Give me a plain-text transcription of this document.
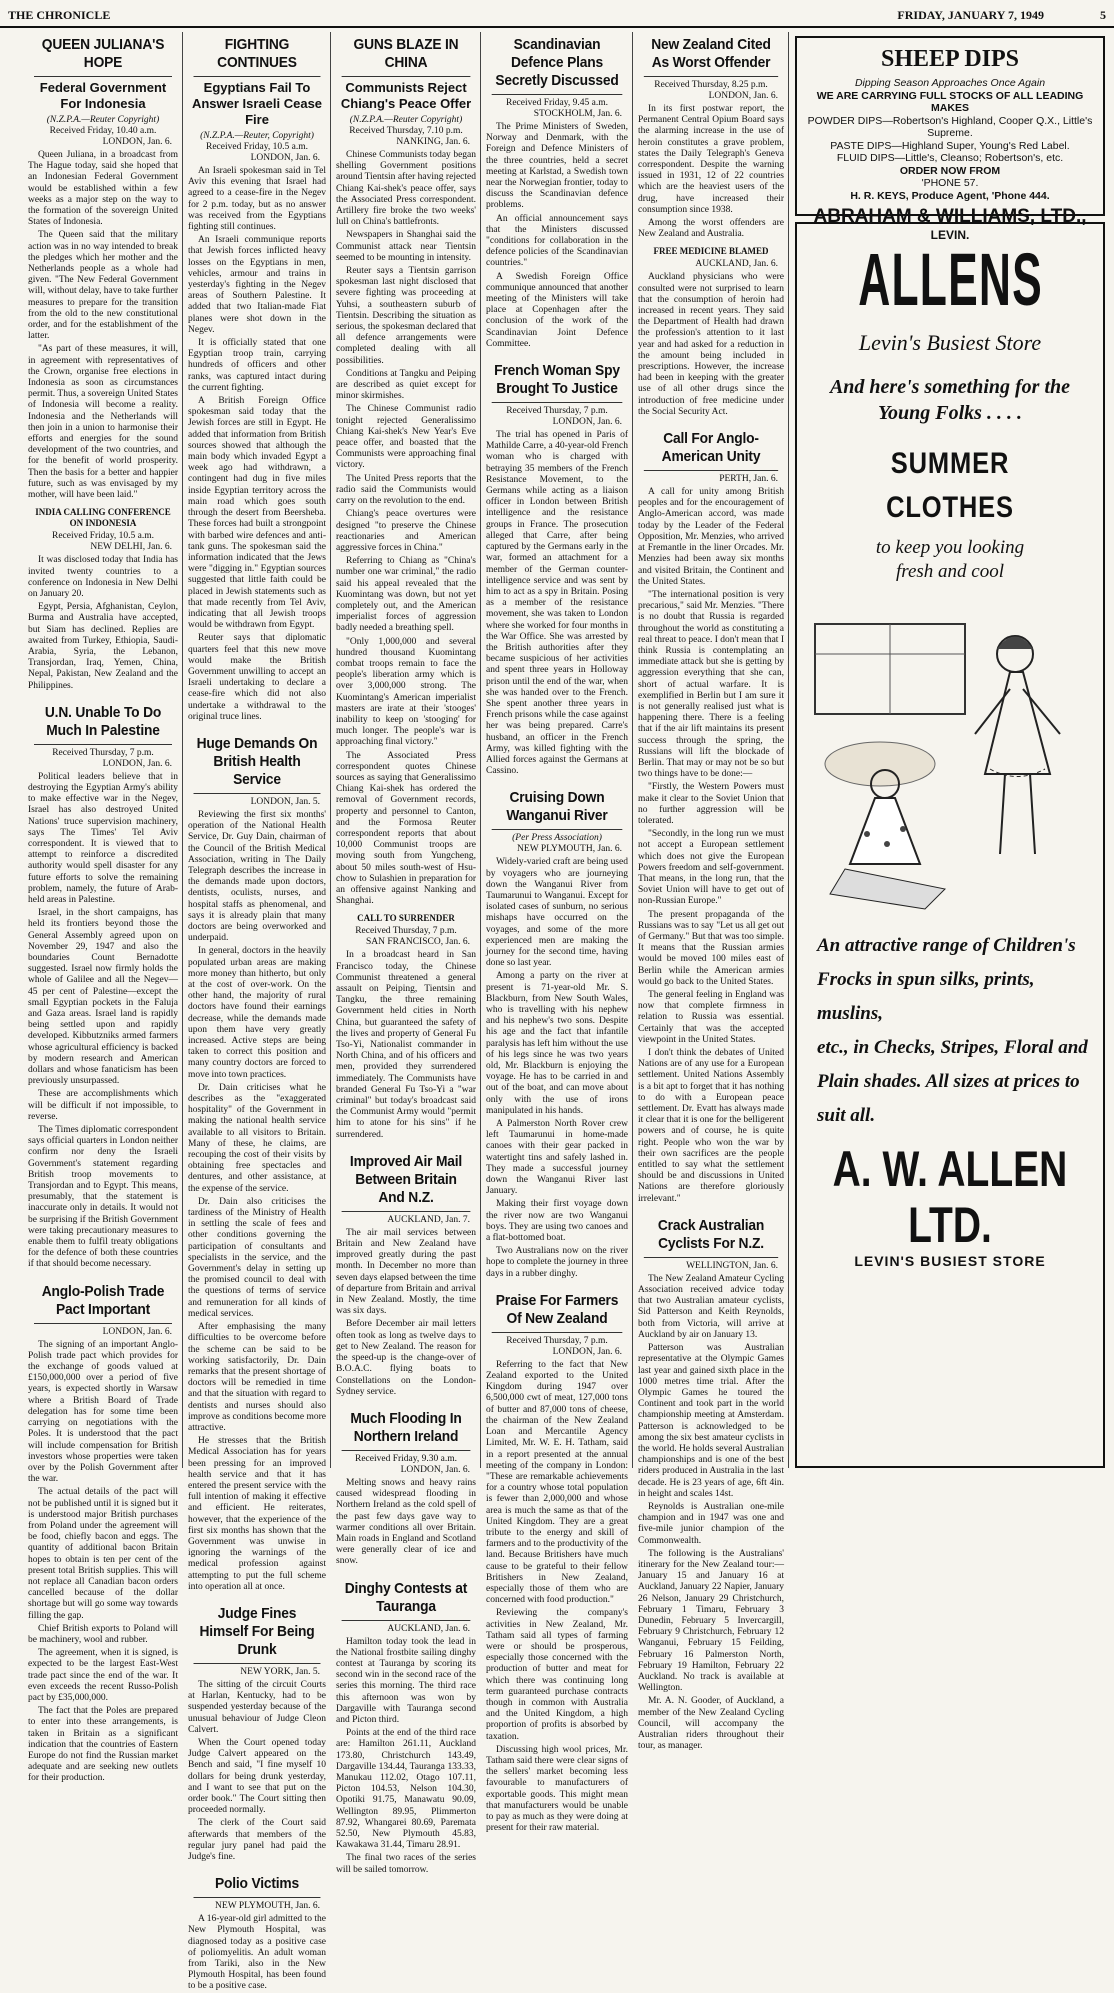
THE CHRONICLE	FRIDAY, JANUARY 7, 1949	5
QUEEN JULIANA'S HOPE
Federal Government For Indonesia
(N.Z.P.A.—Reuter Copyright)
Received Friday, 10.40 a.m.
LONDON, Jan. 6.

Queen Juliana, in a broadcast from The Hague today, said she hoped that an Indonesian Federal Government would be established within a few weeks as a major step on the way to the formation of the sovereign United States of Indonesia.

The Queen said that the military action was in no way intended to break the pledges which her mother and the Netherlands people as a whole had given. "The New Federal Government will, without delay, have to take further measures to prepare for the transition from the old to the new constitutional order, and for the establishment of the latter.

"As part of these measures, it will, in agreement with representatives of the Crown, organise free elections in Indonesia as soon as circumstances permit. Thus, a sovereign United States of Indonesia will become a reality. Indonesia and the Netherlands will then join in a union to harmonise their efforts and energies for the sound development of the two countries, and for the benefit of world prosperity. Then the basis for a better and happier future, such as was envisaged by my mother, will have been laid."

INDIA CALLING CONFERENCE ON INDONESIA
Received Friday, 10.5 a.m.
NEW DELHI, Jan. 6.

It was disclosed today that India has invited twenty countries to a conference on Indonesia in New Delhi on January 20.

Egypt, Persia, Afghanistan, Ceylon, Burma and Australia have accepted, but Siam has declined. Replies are awaited from Turkey, Ethiopia, Saudi-Arabia, Syria, the Lebanon, Transjordan, Iraq, Yemen, China, Nepal, Pakistan, New Zealand and the Philippines.

U.N. Unable To Do Much In Palestine
Received Thursday, 7 p.m.
LONDON, Jan. 6.

Political leaders believe that in destroying the Egyptian Army's ability to make effective war in the Negev, Israel has also destroyed United Nations' truce supervision machinery, says The Times' Tel Aviv correspondent. It is viewed that to attempt to reinforce a discredited authority would spell disaster for any future efforts to solve the remaining problem, namely, the future of Arab-held areas in Palestine.

Israel, in the short campaigns, has held its frontiers beyond those the General Assembly agreed upon on November 29, 1947 and also the boundaries Count Bernadotte suggested. Israel now firmly holds the whole of Galilee and all the Negev—45 per cent of Palestine—except the small Egyptian pockets in the Faluja and Gaza areas. Israel land is rapidly being settled upon and rapidly developed. Kibbutzniks armed farmers whose agricultural efficiency is backed by modern research and American dollars and whose fanaticism has been previously unsurpassed.

These are accomplishments which will be difficult if not impossible, to reverse.

The Times diplomatic correspondent says official quarters in London neither confirm nor deny the Israeli Government's statement regarding British troop movements to Transjordan and to Egypt. This means, presumably, that the statement is inaccurate only in details. It would not be surprising if the British Government were taking precautionary measures to enable them to fulfil treaty obligations for the defence of both these countries if that should become necessary.

Anglo-Polish Trade Pact Important
LONDON, Jan. 6.

The signing of an important Anglo-Polish trade pact which provides for the exchange of goods valued at £150,000,000 over a period of five years, is expected shortly in Warsaw where a British Board of Trade delegation has for some time been carrying on negotiations with the Poles. It is understood that the pact will include compensation for British investors whose properties were taken over by the Polish Government after the war.

The actual details of the pact will not be published until it is signed but it is understood major British purchases from Poland under the agreement will be food, chiefly bacon and eggs. The quantity of additional bacon Britain hopes to obtain is ten per cent of the present total British supplies. This will not replace all Canadian bacon orders cancelled because of the dollar shortage but will go some way towards filling the gap.

Chief British exports to Poland will be machinery, wool and rubber.

The agreement, when it is signed, is expected to be the largest East-West trade pact since the end of the war. It even exceeds the recent Russo-Polish pact by £35,000,000.

The fact that the Poles are prepared to enter into these arrangements, is taken in Britain as a significant indication that the countries of Eastern Europe do not find the Russian market adequate and are seeking new outlets for their production.

FIGHTING CONTINUES
Egyptians Fail To Answer Israeli Cease Fire
(N.Z.P.A.—Reuter, Copyright)
Received Friday, 10.5 a.m.
LONDON, Jan. 6.

An Israeli spokesman said in Tel Aviv this evening that Israel had agreed to a cease-fire in the Negev for 2 p.m. today, but as no answer was received from the Egyptians fighting still continues.

An Israeli communique reports that Jewish forces inflicted heavy losses on the Egyptians in men, vehicles, armour and trains in yesterday's fighting in the Negev areas of Southern Palestine. It added that two Italian-made Fiat planes were shot down in the Negev.

It is officially stated that one Egyptian troop train, carrying hundreds of officers and other ranks, was captured intact during the current fighting.

A British Foreign Office spokesman said today that the Jewish forces are still in Egypt. He added that information from British sources showed that although the main body which invaded Egypt a week ago had withdrawn, a contingent had dug in five miles inside Egyptian territory across the main road which goes south through the desert from Beersheba. These forces had built a strongpoint with barbed wire defences and anti-tank guns. The spokesman said the information indicated that the Jews were "digging in." Egyptian sources suggested that little faith could be placed in Jewish statements such as that made recently from Tel Aviv, indicating that all Jewish troops would be withdrawn from Egypt.

Reuter says that diplomatic quarters feel that this new move would make the British Government unwilling to accept an Israeli undertaking to declare a cease-fire which did not also undertake a withdrawal to the original truce lines.

Huge Demands On British Health Service
LONDON, Jan. 5.

Reviewing the first six months' operation of the National Health Service, Dr. Guy Dain, chairman of the Council of the British Medical Association, writing in The Daily Telegraph describes the increase in the demands made upon doctors, dentists, oculists, nurses, and hospital staffs as phenomenal, and says it is already plain that many doctors are being overworked and underpaid.

In general, doctors in the heavily populated urban areas are making more money than hitherto, but only at the cost of over-work. On the other hand, the majority of rural doctors have found their earnings decrease, while the demands made upon them have very greatly increased. Active steps are being taken to correct this position and many country doctors are forced to move into town practices.

Dr. Dain criticises what he describes as the "exaggerated hospitality" of the Government in making the national health service available to all visitors to Britain. Many of these, he claims, are recouping the cost of their visits by obtaining free spectacles and dentures, and other assistance, at the expense of the service.

Dr. Dain also criticises the tardiness of the Ministry of Health in settling the scale of fees and other conditions governing the participation of consultants and specialists in the service, and the Government's delay in setting up the promised council to deal with the questions of terms of service and remuneration for all kinds of medical services.

After emphasising the many difficulties to be overcome before the scheme can be said to be working satisfactorily, Dr. Dain remarks that the present shortage of doctors will be remedied in time and that the situation with regard to dentists and nurses should also improve as conditions become more attractive.

He stresses that the British Medical Association has for years been pressing for an improved health service and that it has entered the present service with the full intention of making it effective and efficient. He reiterates, however, that the experience of the first six months has shown that the Government was unwise in ignoring the warnings of the medical profession against attempting to put the full scheme into operation all at once.

Judge Fines Himself For Being Drunk
NEW YORK, Jan. 5.

The sitting of the circuit Courts at Harlan, Kentucky, had to be suspended yesterday because of the unusual behaviour of Judge Cleon Calvert.

When the Court opened today Judge Calvert appeared on the Bench and said, "I fine myself 10 dollars for being drunk yesterday, and I want to see that put on the order book." The Court sitting then proceeded normally.

The clerk of the Court said afterwards that members of the regular jury panel had paid the Judge's fine.

Polio Victims
NEW PLYMOUTH, Jan. 6.

A 16-year-old girl admitted to the New Plymouth Hospital, was diagnosed today as a positive case of poliomyelitis. An adult woman from Tariki, also in the New Plymouth Hospital, has been found to be a positive case.

GUNS BLAZE IN CHINA
Communists Reject Chiang's Peace Offer
(N.Z.P.A.—Reuter Copyright)
Received Thursday, 7.10 p.m.
NANKING, Jan. 6.

Chinese Communists today began shelling Government positions around Tientsin after having rejected Chiang Kai-shek's peace offer, says the Associated Press correspondent. Artillery fire broke the two weeks' lull on China's battlefronts.

Newspapers in Shanghai said the Communist attack near Tientsin seemed to be mounting in intensity.

Reuter says a Tientsin garrison spokesman last night disclosed that severe fighting was proceeding at Yuhsi, a southeastern suburb of Tientsin. Describing the situation as serious, the spokesman declared that all defence arrangements were completed dealing with all possibilities.

Conditions at Tangku and Peiping are described as quiet except for minor skirmishes.

The Chinese Communist radio tonight rejected Generalissimo Chiang Kai-shek's New Year's Eve peace offer, and boasted that the Communists were approaching final victory.

The United Press reports that the radio said the Communists would carry on the revolution to the end.

Chiang's peace overtures were designed "to preserve the Chinese reactionaries and American aggressive forces in China."

Referring to Chiang as "China's number one war criminal," the radio said his appeal revealed that the Kuomintang was down, but not yet completely out, and the American imperialist forces of aggression badly needed a breathing spell.

"Only 1,000,000 and several hundred thousand Kuomintang combat troops remain to face the people's liberation army which is over 3,000,000 strong. The Kuomintang's American imperialist masters are irate at their 'stooges' inability to keep on 'stooging' for much longer. The people's war is approaching final victory."

The Associated Press correspondent quotes Chinese sources as saying that Generalissimo Chiang Kai-shek has ordered the removal of Government records, property and personnel to Canton, and the Formosa Reuter correspondent reports that about 10,000 Communist troops are moving south from Yungcheng, about 50 miles south-west of Hsu-chow to Sulashien in preparation for an offensive against Nanking and Shanghai.

CALL TO SURRENDER
Received Thursday, 7 p.m.
SAN FRANCISCO, Jan. 6.

In a broadcast heard in San Francisco today, the Chinese Communist threatened a general assault on Peiping, Tientsin and Tangku, the three remaining Government held cities in North China, but guaranteed the safety of the lives and property of General Fu Tso-Yi, Nationalist commander in North China, and of his officers and men, provided they surrendered immediately. The Communists have branded General Fu Tso-Yi a "war criminal" but today's broadcast said the Communist Army would "permit him to atone for his sins" if he surrendered.

Improved Air Mail Between Britain And N.Z.
AUCKLAND, Jan. 7.

The air mail services between Britain and New Zealand have improved greatly during the past month. In December no more than seven days elapsed between the time of departure from Britain and arrival in New Zealand. Mostly, the time was six days.

Before December air mail letters often took as long as twelve days to get to New Zealand. The reason for the speed-up is the change-over of B.O.A.C. flying boats to Constellations on the London-Sydney service.

Much Flooding In Northern Ireland
Received Friday, 9.30 a.m.
LONDON, Jan. 6.

Melting snows and heavy rains caused widespread flooding in Northern Ireland as the cold spell of the past few days gave way to warmer conditions all over Britain. Main roads in England and Scotland were generally clear of ice and snow.

Dinghy Contests at Tauranga
AUCKLAND, Jan. 6.

Hamilton today took the lead in the National frostbite sailing dinghy contest at Tauranga by scoring its second win in the second race of the series this morning. The third race this afternoon was won by Dargaville with Tauranga second and Picton third.

Points at the end of the third race are: Hamilton 261.11, Auckland 173.80, Christchurch 143.49, Dargaville 134.44, Tauranga 133.33, Manukau 112.02, Otago 107.11, Picton 104.53, Nelson 104.30, Opotiki 91.75, Manawatu 90.09, Wellington 89.95, Plimmerton 87.92, Whangarei 80.69, Paremata 52.50, New Plymouth 45.83, Kawakawa 31.44, Timaru 28.91.

The final two races of the series will be sailed tomorrow.

Scandinavian Defence Plans Secretly Discussed
Received Friday, 9.45 a.m.
STOCKHOLM, Jan. 6.

The Prime Ministers of Sweden, Norway and Denmark, with the Foreign and Defence Ministers of the three countries, held a secret meeting at Karlstad, a Swedish town near the Norwegian frontier, today to discuss the Scandinavian defence problems.

An official announcement says that the Ministers discussed "conditions for collaboration in the defence policies of the Scandinavian countries."

A Swedish Foreign Office communique announced that another meeting of the Ministers will take place at Copenhagen after the conclusion of the work of the Scandinavian Joint Defence Committee.

French Woman Spy Brought To Justice
Received Thursday, 7 p.m.
LONDON, Jan. 6.

The trial has opened in Paris of Mathilde Carre, a 40-year-old French woman who is charged with betraying 35 members of the French Resistance Movement, to the Germans while acting as a liaison officer in London between British intelligence and the resistance groups in France. The prosecution alleged that Carre, after being captured by the Germans early in the war, formed an attachment for a member of the German counter-intelligence service and was sent by him to act as a spy in Britain. Posing as a member of the resistance movement, she was taken to London where she worked for four months in the War Office. She was arrested by the British authorities after they became suspicious of her activities and spent three years in Holloway prison until the end of the war, when she was handed over to the French. She spent another three years in French prisons while the case against her was being prepared. Carre's husband, an officer in the French Army, was killed fighting with the Allied forces against the Germans at Cassino.

Cruising Down Wanganui River
(Per Press Association)
NEW PLYMOUTH, Jan. 6.

Widely-varied craft are being used by voyagers who are journeying down the Wanganui River from Taumarunui to Wanganui. Except for isolated cases of sunburn, no serious mishaps have occurred on the voyages, and some of the more experienced men are making the journey for the second time, having done so last year.

Among a party on the river at present is 71-year-old Mr. S. Blackburn, from New South Wales, who is travelling with his nephew and his nephew's two sons. Despite his age and the fact that infantile paralysis has left him without the use of his legs since he was two years old, Mr. Blackburn is enjoying the voyage. He has to be carried in and out of the boat, and can move about only with the use of irons manipulated in his hands.

A Palmerston North Rover crew left Taumarunui in home-made canoes with their gear packed in watertight tins and safely lashed in. They made a successful journey down the Wanganui River last January.

Making their first voyage down the river now are two Wanganui boys. They are using two canoes and a flat-bottomed boat.

Two Australians now on the river hope to complete the journey in three days in a rubber dinghy.

Praise For Farmers Of New Zealand
Received Thursday, 7 p.m.
LONDON, Jan. 6.

Referring to the fact that New Zealand exported to the United Kingdom during 1947 over 6,500,000 cwt of meat, 127,000 tons of butter and 87,000 tons of cheese, the chairman of the New Zealand Loan and Mercantile Agency Limited, Mr. W. E. H. Tatham, said in a report presented at the annual meeting of the company in London: "These are remarkable achievements for a country whose total population is fewer than 2,000,000 and whose area is much the same as that of the United Kingdom. They are a great tribute to the energy and skill of farmers and to the productivity of the land. Because Britishers have much cause to be grateful to their fellow Britishers in New Zealand, especially those of them who are concerned with food production."

Reviewing the company's activities in New Zealand, Mr. Tatham said all types of farming were or should be prosperous, especially those concerned with the production of butter and meat for which there was continuing long term guaranteed purchase contracts though in common with Australia and the United Kingdom, a high proportion of profits is absorbed by taxation.

Discussing high wool prices, Mr. Tatham said there were clear signs of the sellers' market becoming less favourable to manufacturers of exportable goods. This might mean that manufacturers would be unable to pay as much as they were doing at present for their raw material.

New Zealand Cited As Worst Offender
Received Thursday, 8.25 p.m.
LONDON, Jan. 6.

In its first postwar report, the Permanent Central Opium Board says the alarming increase in the use of heroin constitutes a grave problem, states the Daily Telegraph's Geneva correspondent. Despite the warning issued in 1931, 12 of 22 countries which are the heaviest users of the drug, have increased their consumption since 1938.

Among the worst offenders are New Zealand and Australia.

FREE MEDICINE BLAMED
AUCKLAND, Jan. 6.

Auckland physicians who were consulted were not surprised to learn that the consumption of heroin had increased in recent years. They said the Department of Health had drawn the profession's attention to it last year and had asked for a reduction in the amount being included in prescriptions. However, the increase had been in keeping with the greater use of all other drugs since the introduction of free medicine under the Social Security Act.

Call For Anglo-American Unity
PERTH, Jan. 6.

A call for unity among British peoples and for the encouragement of Anglo-American accord, was made today by the Leader of the Federal Opposition, Mr. Menzies, who arrived at Fremantle in the liner Orcades. Mr. Menzies had been away six months and visited Britain, the Continent and the United States.

"The international position is very precarious," said Mr. Menzies. "There is no doubt that Russia is regarded throughout the world as constituting a real threat to peace. I don't mean that I think Russia is contemplating an immediate attack but she is getting by aggression everything that she can, short of actual warfare. It is exemplified in Berlin but I am sure it is not generally realised just what is happening there. There is a feeling that if the air lift maintains its present success through the spring, the Russians will lift the blockade of Berlin. That may or may not be so but two things have to be done:—

"Firstly, the Western Powers must make it clear to the Soviet Union that no further aggression will be tolerated.

"Secondly, in the long run we must not accept a European settlement which does not give the European Powers freedom and self-government. That means, in the long run, that the Soviet Union will have to get out of non-Russian Europe."

The present propaganda of the Russians was to say "Let us all get out of Germany." But that was too simple. It means that the Russian armies would be moved 100 miles east of Berlin while the American armies would go back to the United States.

The general feeling in England was now that complete firmness in relation to Russia was essential. Certainly that was the accepted viewpoint in the United States.

I don't think the debates of United Nations are of any use for a European settlement. United Nations Assembly is a bit apt to forget that it has nothing to do with a European peace settlement. Dr. Evatt has always made it clear that it is one for the belligerent powers and of course, he is quite right. People who won the war by their own sacrifices are the people entitled to say what the settlement should be and discussions in United Nations are therefore gloriously irrelevant."

Crack Australian Cyclists For N.Z.
WELLINGTON, Jan. 6.

The New Zealand Amateur Cycling Association received advice today that two Australian amateur cyclists, Sid Patterson and Keith Reynolds, both from Victoria, will arrive at Auckland by air on January 13.

Patterson was Australian representative at the Olympic Games last year and gained sixth place in the 1000 metres time trial. After the Olympic Games he toured the Continent and took part in the world championship meeting at Amsterdam. Patterson is acknowledged to be among the six best amateur cyclists in the world. He holds several Australian championships and is one of the best riders produced in Australia in the last decade. He is 23 years of age, 6ft 4in. in height and scales 14st.

Reynolds is Australian one-mile champion and in 1947 was one and five-mile junior champion of the Commonwealth.

The following is the Australians' itinerary for the New Zealand tour:—January 15 and January 16 at Auckland, January 22 Napier, January 26 Nelson, January 29 Christchurch, February 1 Timaru, February 3 Dunedin, February 5 Invercargill, February 9 Christchurch, February 12 Wanganui, February 15 Feilding, February 16 Palmerston North, February 19 Hamilton, February 22 Auckland. No track is available at Wellington.

Mr. A. N. Gooder, of Auckland, a member of the New Zealand Cycling Council, will accompany the Australian riders throughout their tour, as manager.

SHEEP DIPS
Dipping Season Approaches Once Again
WE ARE CARRYING FULL STOCKS OF ALL LEADING MAKES
POWDER DIPS—Robertson's Highland, Cooper Q.X., Little's Supreme.
PASTE DIPS—Highland Super, Young's Red Label.
FLUID DIPS—Little's, Cleanso; Robertson's, etc.
ORDER NOW FROM
'PHONE 57.
H. R. KEYS, Produce Agent, 'Phone 444.
ABRAHAM & WILLIAMS, LTD.,
LEVIN.
ALLENS
Levin's Busiest Store
And here's something for the
Young Folks . . . .
SUMMER
CLOTHES
to keep you looking
fresh and cool
An attractive range of Children's
Frocks in spun silks, prints, muslins,
etc., in Checks, Stripes, Floral and
Plain shades. All sizes at prices to
suit all.
A. W. ALLEN LTD.
LEVIN'S BUSIEST STORE
